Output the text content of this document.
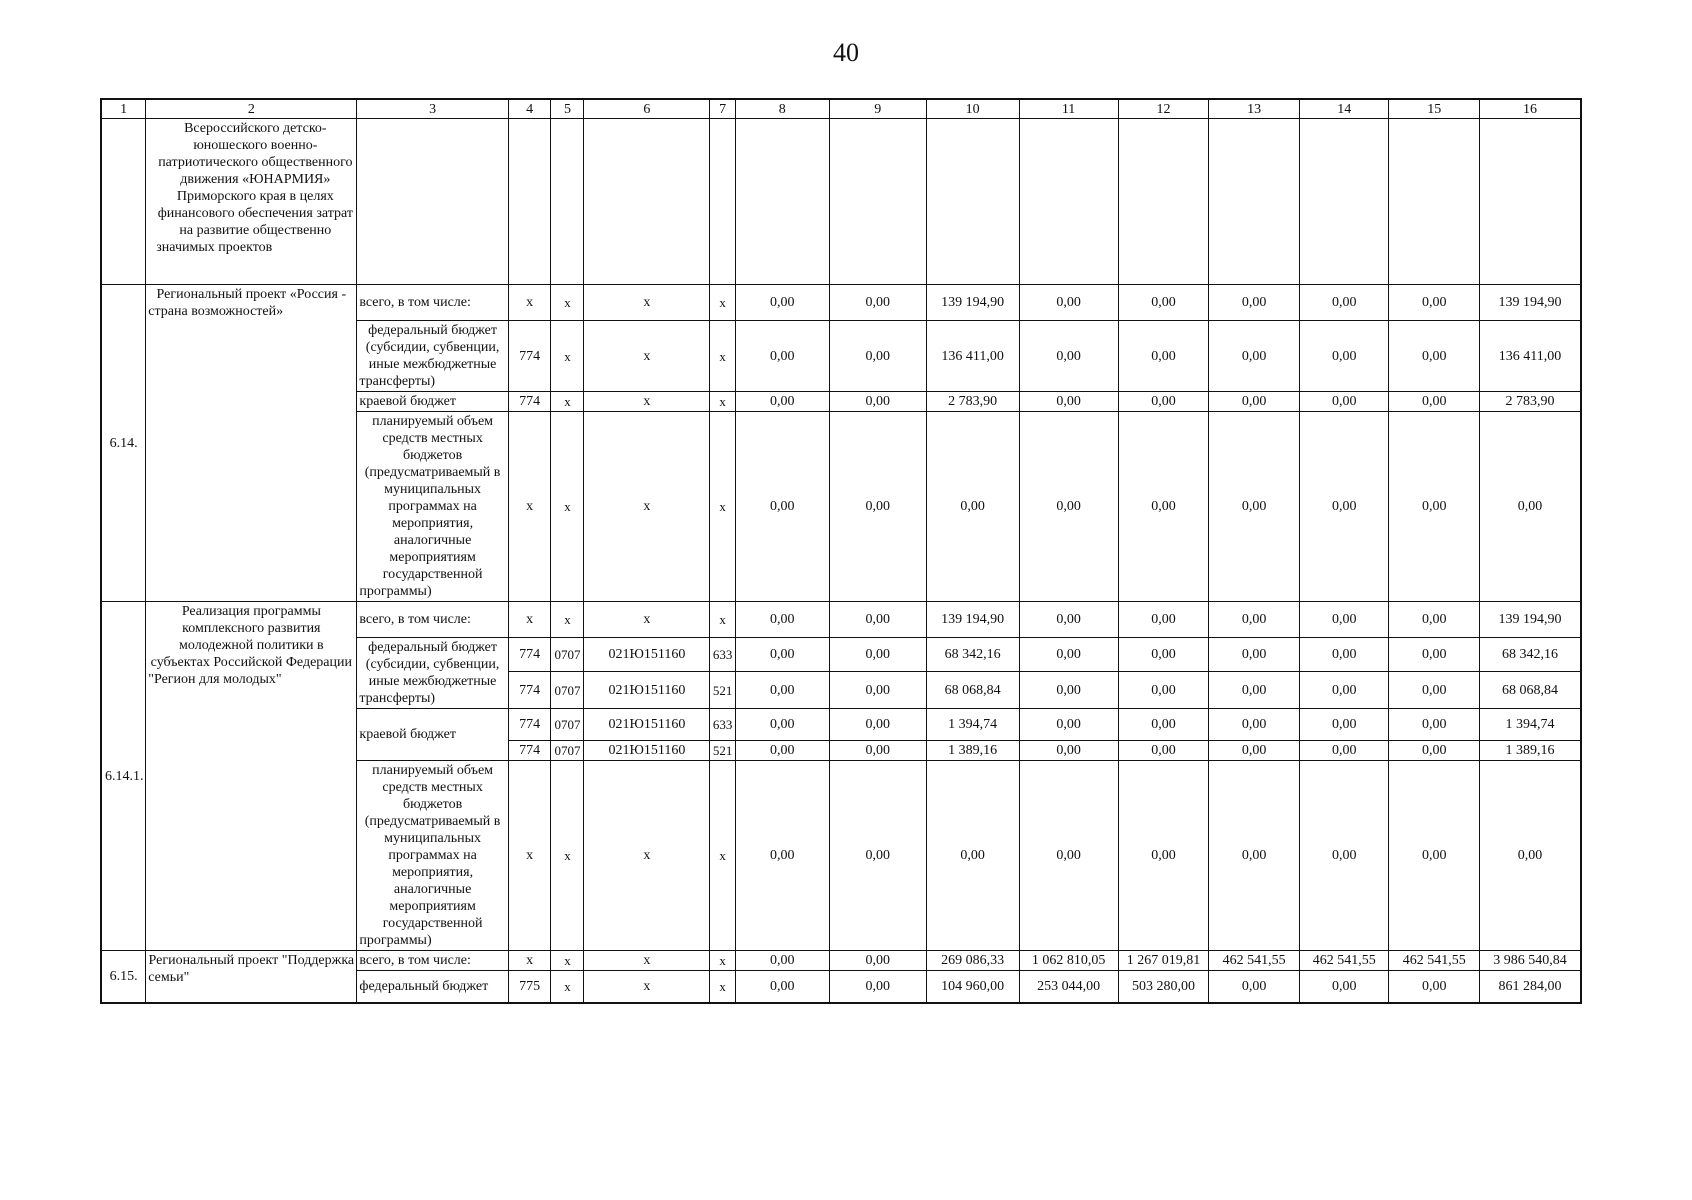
40
1	2	3	4	5	6	7	8	9	10	11	12	13	14	15	16
	Всероссийского детско-юношеского военно-патриотического общественного движения «ЮНАРМИЯ» Приморского края в целях финансового обеспечения затрат на развитие общественно значимых проектов														
6.14.	Региональный проект «Россия - страна возможностей»	всего, в том числе:	x	x	x	x	0,00	0,00	139 194,90	0,00	0,00	0,00	0,00	0,00	139 194,90
		федеральный бюджет (субсидии, субвенции, иные межбюджетные трансферты)	774	x	x	x	0,00	0,00	136 411,00	0,00	0,00	0,00	0,00	0,00	136 411,00
		краевой бюджет	774	x	x	x	0,00	0,00	2 783,90	0,00	0,00	0,00	0,00	0,00	2 783,90
		планируемый объем средств местных бюджетов (предусматриваемый в муниципальных программах на мероприятия, аналогичные мероприятиям государственной программы)	x	x	x	x	0,00	0,00	0,00	0,00	0,00	0,00	0,00	0,00	0,00
6.14.1.	Реализация программы комплексного развития молодежной политики в субъектах Российской Федерации "Регион для молодых"	всего, в том числе:	x	x	x	x	0,00	0,00	139 194,90	0,00	0,00	0,00	0,00	0,00	139 194,90
		федеральный бюджет (субсидии, субвенции, иные межбюджетные трансферты)	774	0707	021Ю151160	633	0,00	0,00	68 342,16	0,00	0,00	0,00	0,00	0,00	68 342,16
			774	0707	021Ю151160	521	0,00	0,00	68 068,84	0,00	0,00	0,00	0,00	0,00	68 068,84
		краевой бюджет	774	0707	021Ю151160	633	0,00	0,00	1 394,74	0,00	0,00	0,00	0,00	0,00	1 394,74
			774	0707	021Ю151160	521	0,00	0,00	1 389,16	0,00	0,00	0,00	0,00	0,00	1 389,16
		планируемый объем средств местных бюджетов (предусматриваемый в муниципальных программах на мероприятия, аналогичные мероприятиям государственной программы)	x	x	x	x	0,00	0,00	0,00	0,00	0,00	0,00	0,00	0,00	0,00
6.15.	Региональный проект "Поддержка семьи"	всего, в том числе:	x	x	x	x	0,00	0,00	269 086,33	1 062 810,05	1 267 019,81	462 541,55	462 541,55	462 541,55	3 986 540,84
		федеральный бюджет	775	x	x	x	0,00	0,00	104 960,00	253 044,00	503 280,00	0,00	0,00	0,00	861 284,00
